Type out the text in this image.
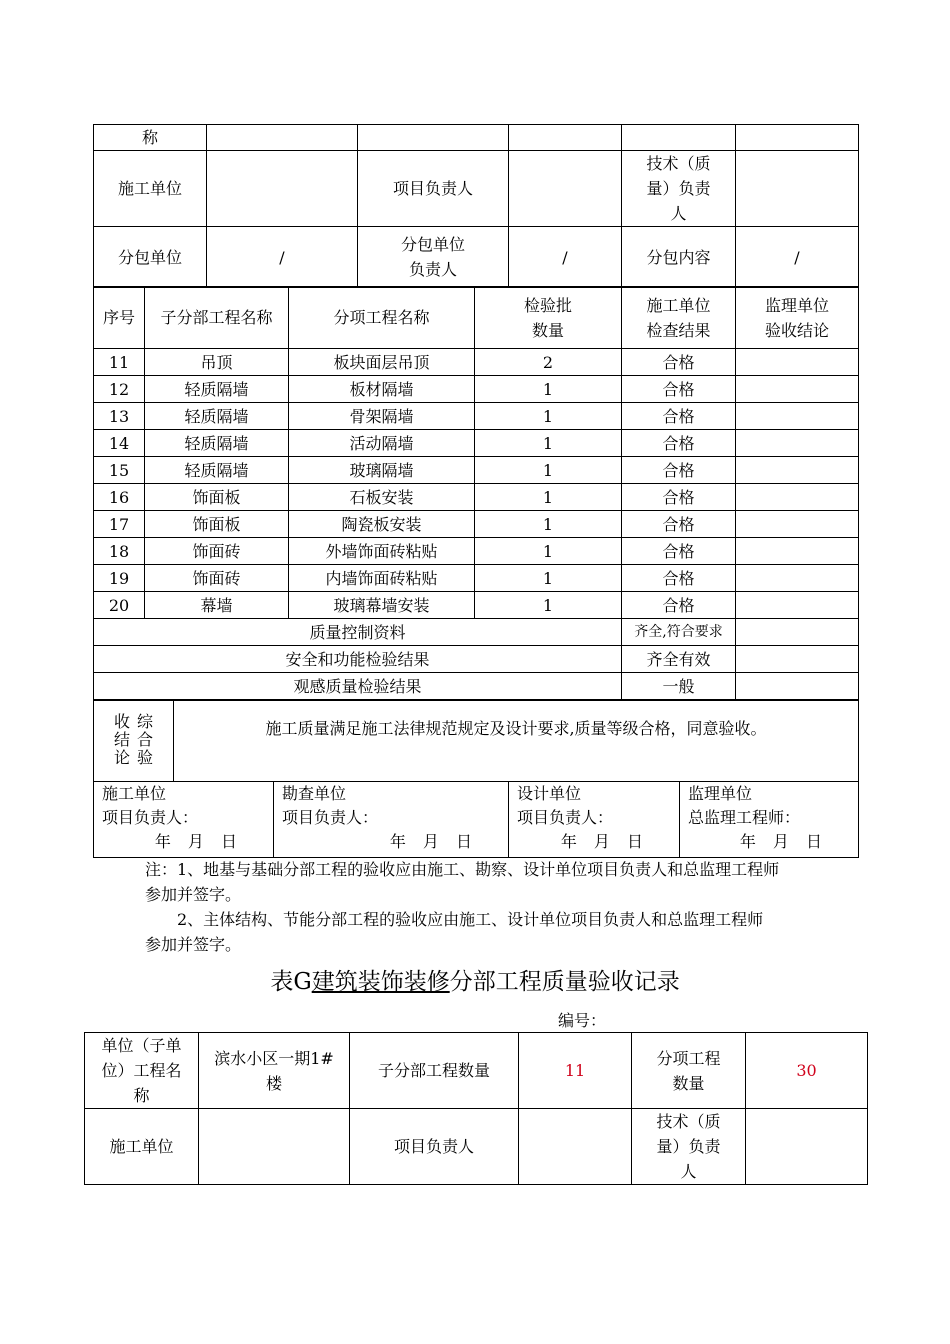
称					
施工单位		项目负责人		技术（质量）负责人	

分包单位	/	分包单位负责人	/	分包内容	/
序号	子分部工程名称	分项工程名称	检验批数量	施工单位检查结果	监理单位验收结论

11	吊顶	板块面层吊顶	2	合格	
12	轻质隔墙	板材隔墙	1	合格	
13	轻质隔墙	骨架隔墙	1	合格	
14	轻质隔墙	活动隔墙	1	合格	
15	轻质隔墙	玻璃隔墙	1	合格	
16	饰面板	石板安装	1	合格	
17	饰面板	陶瓷板安装	1	合格	
18	饰面砖	外墙饰面砖粘贴	1	合格	
19	饰面砖	内墙饰面砖粘贴	1	合格	
20	幕墙	玻璃幕墙安装	1	合格	
质量控制资料				齐全,符合要求	
安全和功能检验结果				齐全有效	
观感质量检验结果				一般	
收结论 综合验	施工质量满足施工法律规范规定及设计要求,质量等级合格，同意验收。
施工单位
项目负责人：
年 月 日

勘查单位
项目负责人：
年 月 日

设计单位
项目负责人：
年 月 日

监理单位
总监理工程师：
年 月 日
注：1、地基与基础分部工程的验收应由施工、勘察、设计单位项目负责人和总监理工程师
参加并签字。
2、主体结构、节能分部工程的验收应由施工、设计单位项目负责人和总监理工程师
参加并签字。
表G建筑装饰装修分部工程质量验收记录
编号：
单位（子单位）工程名称	滨水小区一期1#楼	子分部工程数量	11	分项工程数量	30
施工单位		项目负责人		技术（质量）负责人	
